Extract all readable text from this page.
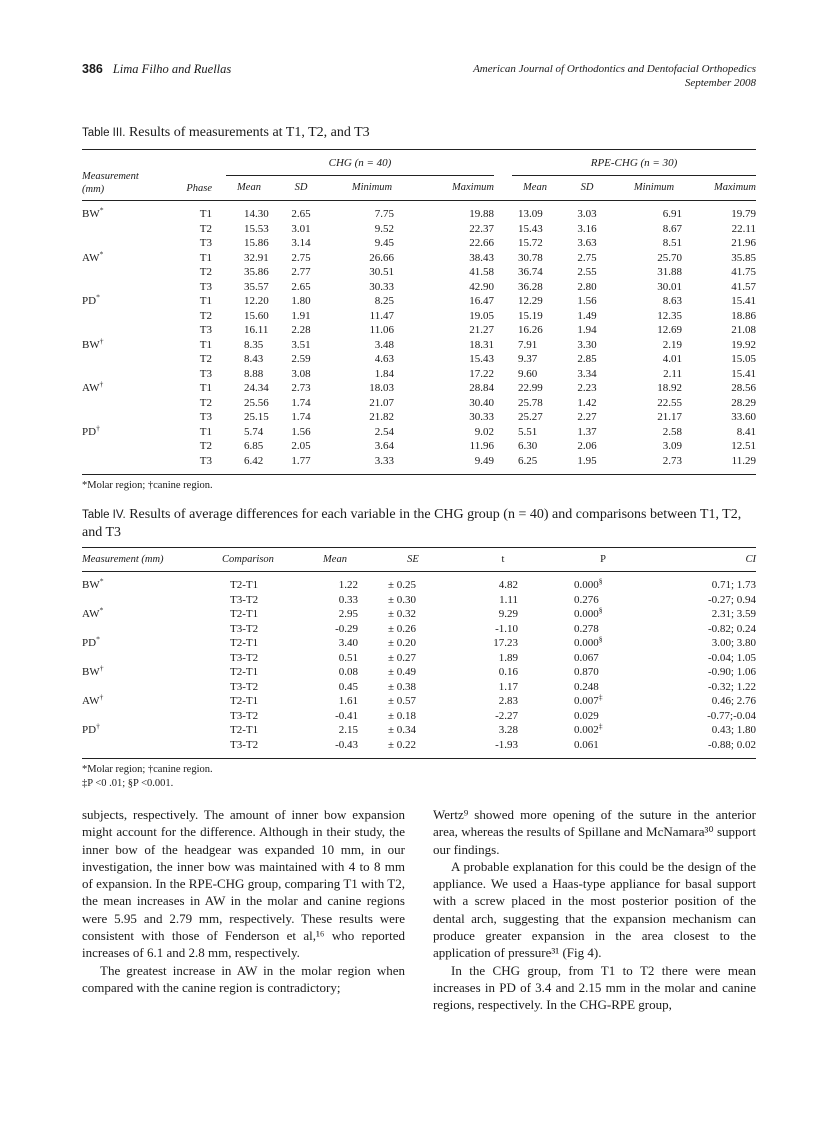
386 Lima Filho and Ruellas	American Journal of Orthodontics and Dentofacial Orthopedics
September 2008
Table III. Results of measurements at T1, T2, and T3
Measurement
(mm)	Phase	CHG (n = 40)				RPE-CHG (n = 30)			

		Mean	SD	Minimum	Maximum	Mean	SD	Minimum	Maximum
BW*	T1	14.30	2.65	7.75	19.88	13.09	3.03	6.91	19.79
	T2	15.53	3.01	9.52	22.37	15.43	3.16	8.67	22.11
	T3	15.86	3.14	9.45	22.66	15.72	3.63	8.51	21.96
AW*	T1	32.91	2.75	26.66	38.43	30.78	2.75	25.70	35.85
	T2	35.86	2.77	30.51	41.58	36.74	2.55	31.88	41.75
	T3	35.57	2.65	30.33	42.90	36.28	2.80	30.01	41.57
PD*	T1	12.20	1.80	8.25	16.47	12.29	1.56	8.63	15.41
	T2	15.60	1.91	11.47	19.05	15.19	1.49	12.35	18.86
	T3	16.11	2.28	11.06	21.27	16.26	1.94	12.69	21.08
BW†	T1	8.35	3.51	3.48	18.31	7.91	3.30	2.19	19.92
	T2	8.43	2.59	4.63	15.43	9.37	2.85	4.01	15.05
	T3	8.88	3.08	1.84	17.22	9.60	3.34	2.11	15.41
AW†	T1	24.34	2.73	18.03	28.84	22.99	2.23	18.92	28.56
	T2	25.56	1.74	21.07	30.40	25.78	1.42	22.55	28.29
	T3	25.15	1.74	21.82	30.33	25.27	2.27	21.17	33.60
PD†	T1	5.74	1.56	2.54	9.02	5.51	1.37	2.58	8.41
	T2	6.85	2.05	3.64	11.96	6.30	2.06	3.09	12.51
	T3	6.42	1.77	3.33	9.49	6.25	1.95	2.73	11.29
*Molar region; †canine region.
Table IV. Results of average differences for each variable in the CHG group (n = 40) and comparisons between T1, T2, and T3
Measurement (mm)	Comparison	Mean	SE	t	P	CI
BW*	T2-T1	1.22	± 0.25	4.82	0.000§	0.71; 1.73
	T3-T2	0.33	± 0.30	1.11	0.276	-0.27; 0.94
AW*	T2-T1	2.95	± 0.32	9.29	0.000§	2.31; 3.59
	T3-T2	-0.29	± 0.26	-1.10	0.278	-0.82; 0.24
PD*	T2-T1	3.40	± 0.20	17.23	0.000§	3.00; 3.80
	T3-T2	0.51	± 0.27	1.89	0.067	-0.04; 1.05
BW†	T2-T1	0.08	± 0.49	0.16	0.870	-0.90; 1.06
	T3-T2	0.45	± 0.38	1.17	0.248	-0.32; 1.22
AW†	T2-T1	1.61	± 0.57	2.83	0.007‡	0.46; 2.76
	T3-T2	-0.41	± 0.18	-2.27	0.029	-0.77;-0.04
PD†	T2-T1	2.15	± 0.34	3.28	0.002‡	0.43; 1.80
	T3-T2	-0.43	± 0.22	-1.93	0.061	-0.88; 0.02
*Molar region; †canine region.
‡P <0 .01; §P <0.001.

subjects, respectively. The amount of inner bow expansion might account for the difference. Although in their study, the inner bow of the headgear was expanded 10 mm, in our investigation, the inner bow was maintained with 4 to 8 mm of expansion. In the RPE-CHG group, comparing T1 with T2, the mean increases in AW in the molar and canine regions were 5.95 and 2.79 mm, respectively. These results were consistent with those of Fenderson et al,¹⁶ who reported increases of 6.1 and 2.8 mm, respectively.

The greatest increase in AW in the molar region when compared with the canine region is contradictory;

Wertz⁹ showed more opening of the suture in the anterior area, whereas the results of Spillane and McNamara³⁰ support our findings.

A probable explanation for this could be the design of the appliance. We used a Haas-type appliance for basal support with a screw placed in the most posterior position of the dental arch, suggesting that the expansion mechanism can produce greater expansion in the area closest to the application of pressure³¹ (Fig 4).

In the CHG group, from T1 to T2 there were mean increases in PD of 3.4 and 2.15 mm in the molar and canine regions, respectively. In the CHG-RPE group,
